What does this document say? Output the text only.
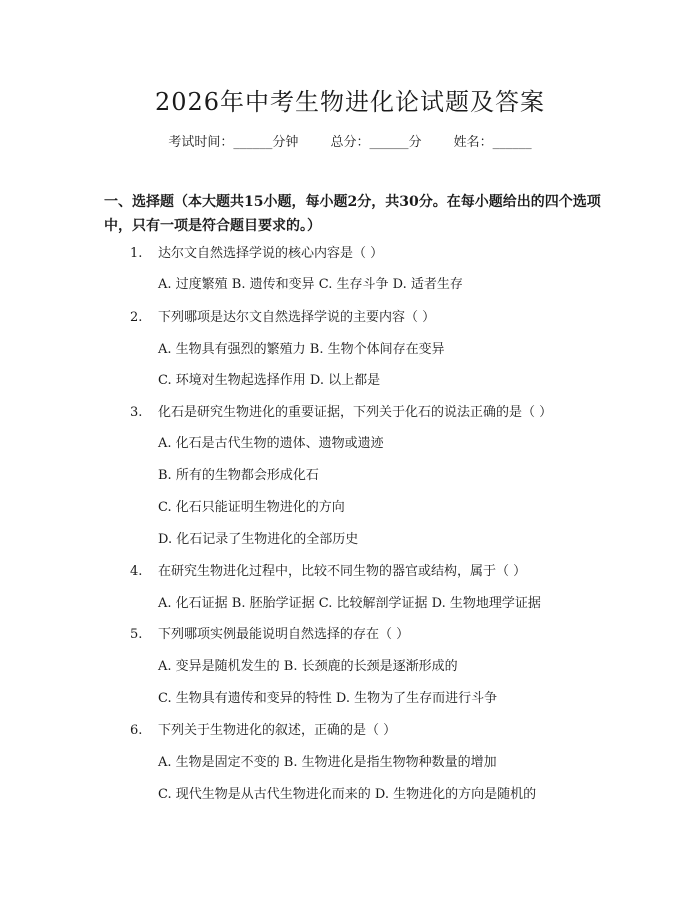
2026年中考生物进化论试题及答案
考试时间：______分钟 总分：______分 姓名：______

一、选择题（本大题共15小题，每小题2分，共30分。在每小题给出的四个选项中，只有一项是符合题目要求的。）

1. 达尔文自然选择学说的核心内容是（ ）
A. 过度繁殖 B. 遗传和变异 C. 生存斗争 D. 适者生存
2. 下列哪项是达尔文自然选择学说的主要内容（ ）
A. 生物具有强烈的繁殖力 B. 生物个体间存在变异
C. 环境对生物起选择作用 D. 以上都是
3. 化石是研究生物进化的重要证据，下列关于化石的说法正确的是（ ）
A. 化石是古代生物的遗体、遗物或遗迹
B. 所有的生物都会形成化石
C. 化石只能证明生物进化的方向
D. 化石记录了生物进化的全部历史
4. 在研究生物进化过程中，比较不同生物的器官或结构，属于（ ）
A. 化石证据 B. 胚胎学证据 C. 比较解剖学证据 D. 生物地理学证据
5. 下列哪项实例最能说明自然选择的存在（ ）
A. 变异是随机发生的 B. 长颈鹿的长颈是逐渐形成的
C. 生物具有遗传和变异的特性 D. 生物为了生存而进行斗争
6. 下列关于生物进化的叙述，正确的是（ ）
A. 生物是固定不变的 B. 生物进化是指生物物种数量的增加
C. 现代生物是从古代生物进化而来的 D. 生物进化的方向是随机的
